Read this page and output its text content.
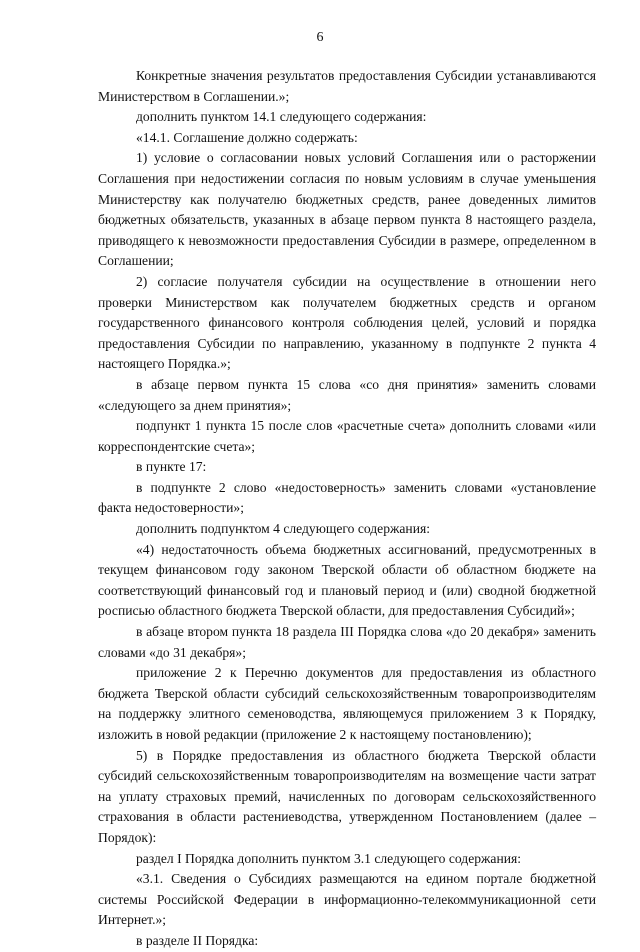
6

Конкретные значения результатов предоставления Субсидии устанавливаются Министерством в Соглашении.»;

дополнить пунктом 14.1 следующего содержания:

«14.1. Соглашение должно содержать:

1) условие о согласовании новых условий Соглашения или о расторжении Соглашения при недостижении согласия по новым условиям в случае уменьшения Министерству как получателю бюджетных средств, ранее доведенных лимитов бюджетных обязательств, указанных в абзаце первом пункта 8 настоящего раздела, приводящего к невозможности предоставления Субсидии в размере, определенном в Соглашении;

2) согласие получателя субсидии на осуществление в отношении него проверки Министерством как получателем бюджетных средств и органом государственного финансового контроля соблюдения целей, условий и порядка предоставления Субсидии по направлению, указанному в подпункте 2 пункта 4 настоящего Порядка.»;

в абзаце первом пункта 15 слова «со дня принятия» заменить словами «следующего за днем принятия»;

подпункт 1 пункта 15 после слов «расчетные счета» дополнить словами «или корреспондентские счета»;

в пункте 17:

в подпункте 2 слово «недостоверность» заменить словами «установление факта недостоверности»;

дополнить подпунктом 4 следующего содержания:

«4) недостаточность объема бюджетных ассигнований, предусмотренных в текущем финансовом году законом Тверской области об областном бюджете на соответствующий финансовый год и плановый период и (или) сводной бюджетной росписью областного бюджета Тверской области, для предоставления Субсидий»;

в абзаце втором пункта 18 раздела III Порядка слова «до 20 декабря» заменить словами «до 31 декабря»;

приложение 2 к Перечню документов для предоставления из областного бюджета Тверской области субсидий сельскохозяйственным товаропроизводителям на поддержку элитного семеноводства, являющемуся приложением 3 к Порядку, изложить в новой редакции (приложение 2 к настоящему постановлению);

5) в Порядке предоставления из областного бюджета Тверской области субсидий сельскохозяйственным товаропроизводителям на возмещение части затрат на уплату страховых премий, начисленных по договорам сельскохозяйственного страхования в области растениеводства, утвержденном Постановлением (далее – Порядок):

раздел I Порядка дополнить пунктом 3.1 следующего содержания:

«3.1. Сведения о Субсидиях размещаются на едином портале бюджетной системы Российской Федерации в информационно-телекоммуникационной сети Интернет.»;

в разделе II Порядка:
